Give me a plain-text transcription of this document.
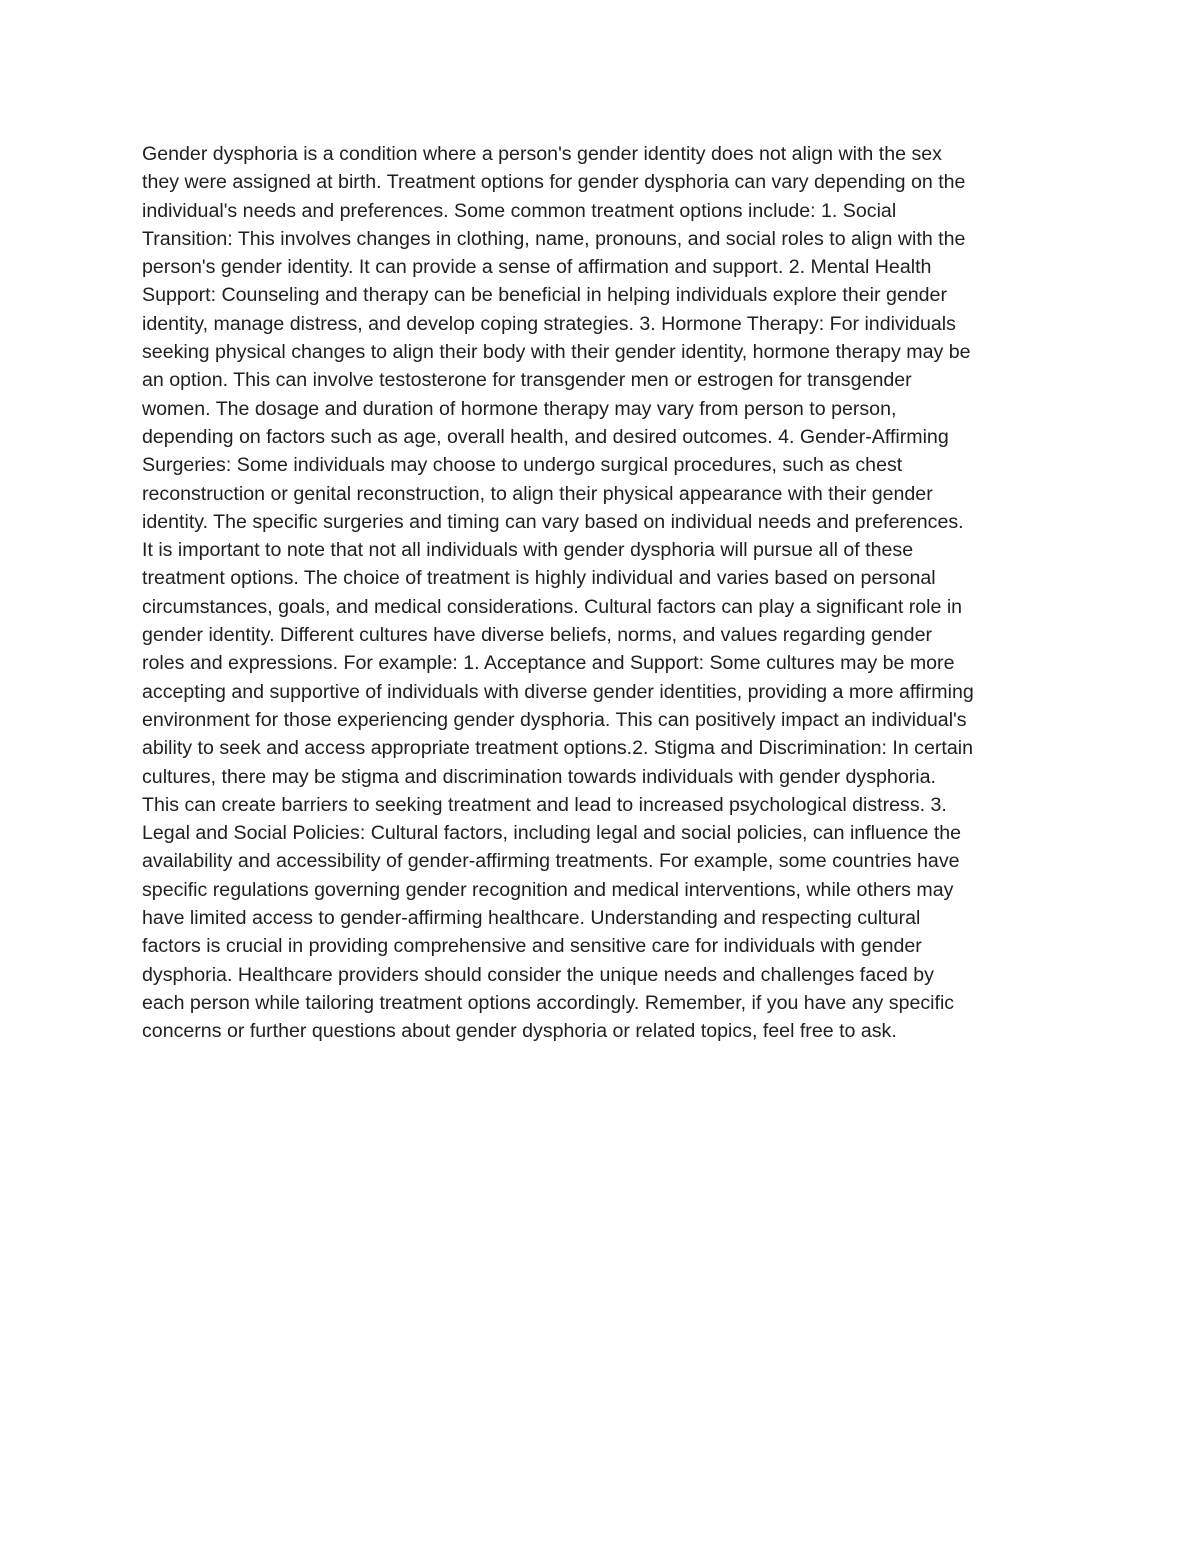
Gender dysphoria is a condition where a person's gender identity does not align with the sex
they were assigned at birth. Treatment options for gender dysphoria can vary depending on the
individual's needs and preferences. Some common treatment options include: 1. Social
Transition: This involves changes in clothing, name, pronouns, and social roles to align with the
person's gender identity. It can provide a sense of affirmation and support. 2. Mental Health
Support: Counseling and therapy can be beneficial in helping individuals explore their gender
identity, manage distress, and develop coping strategies. 3. Hormone Therapy: For individuals
seeking physical changes to align their body with their gender identity, hormone therapy may be
an option. This can involve testosterone for transgender men or estrogen for transgender
women. The dosage and duration of hormone therapy may vary from person to person,
depending on factors such as age, overall health, and desired outcomes. 4. Gender-Affirming
Surgeries: Some individuals may choose to undergo surgical procedures, such as chest
reconstruction or genital reconstruction, to align their physical appearance with their gender
identity. The specific surgeries and timing can vary based on individual needs and preferences.
It is important to note that not all individuals with gender dysphoria will pursue all of these
treatment options. The choice of treatment is highly individual and varies based on personal
circumstances, goals, and medical considerations. Cultural factors can play a significant role in
gender identity. Different cultures have diverse beliefs, norms, and values regarding gender
roles and expressions. For example: 1. Acceptance and Support: Some cultures may be more
accepting and supportive of individuals with diverse gender identities, providing a more affirming
environment for those experiencing gender dysphoria. This can positively impact an individual's
ability to seek and access appropriate treatment options.2. Stigma and Discrimination: In certain
cultures, there may be stigma and discrimination towards individuals with gender dysphoria.
This can create barriers to seeking treatment and lead to increased psychological distress. 3.
Legal and Social Policies: Cultural factors, including legal and social policies, can influence the
availability and accessibility of gender-affirming treatments. For example, some countries have
specific regulations governing gender recognition and medical interventions, while others may
have limited access to gender-affirming healthcare. Understanding and respecting cultural
factors is crucial in providing comprehensive and sensitive care for individuals with gender
dysphoria. Healthcare providers should consider the unique needs and challenges faced by
each person while tailoring treatment options accordingly. Remember, if you have any specific
concerns or further questions about gender dysphoria or related topics, feel free to ask.
